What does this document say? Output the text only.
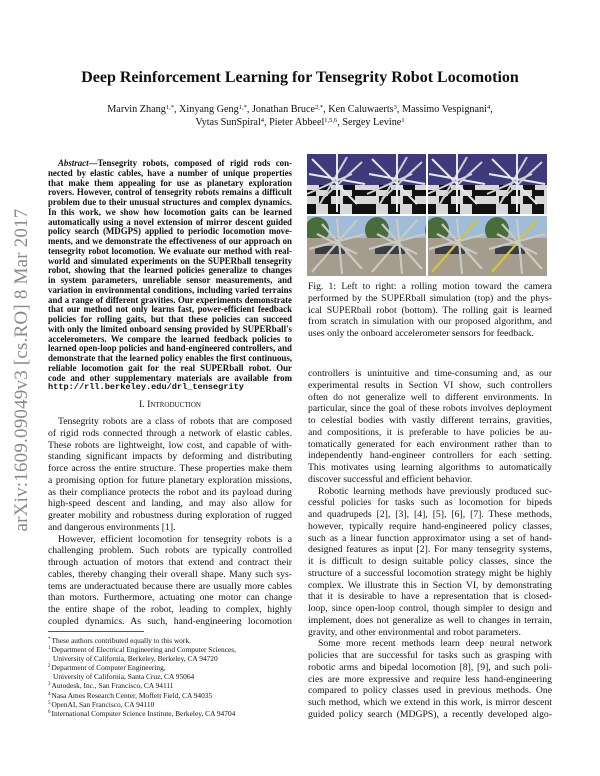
arXiv:1609.09049v3 [cs.RO] 8 Mar 2017
Deep Reinforcement Learning for Tensegrity Robot Locomotion
Marvin Zhang$^{1,*}$, Xinyang Geng$^{1,*}$, Jonathan Bruce$^{2,*}$, Ken Caluwaerts$^3$, Massimo Vespignani$^4$,
Vytas SunSpiral$^4$, Pieter Abbeel$^{1,5,6}$, Sergey Levine$^1$
Abstract—Tensegrity robots, composed of rigid rods con-
nected by elastic cables, have a number of unique properties
that make them appealing for use as planetary exploration
rovers. However, control of tensegrity robots remains a difficult
problem due to their unusual structures and complex dynamics.
In this work, we show how locomotion gaits can be learned
automatically using a novel extension of mirror descent guided
policy search (MDGPS) applied to periodic locomotion move-
ments, and we demonstrate the effectiveness of our approach on
tensegrity robot locomotion. We evaluate our method with real-
world and simulated experiments on the SUPERball tensegrity
robot, showing that the learned policies generalize to changes
in system parameters, unreliable sensor measurements, and
variation in environmental conditions, including varied terrains
and a range of different gravities. Our experiments demonstrate
that our method not only learns fast, power-efficient feedback
policies for rolling gaits, but that these policies can succeed
with only the limited onboard sensing provided by SUPERball's
accelerometers. We compare the learned feedback policies to
learned open-loop policies and hand-engineered controllers, and
demonstrate that the learned policy enables the first continuous,
reliable locomotion gait for the real SUPERball robot. Our
code and other supplementary materials are available from
http://rll.berkeley.edu/drl_tensegrity
I. Introduction
Tensegrity robots are a class of robots that are composed
of rigid rods connected through a network of elastic cables.
These robots are lightweight, low cost, and capable of with-
standing significant impacts by deforming and distributing
force across the entire structure. These properties make them
a promising option for future planetary exploration missions,
as their compliance protects the robot and its payload during
high-speed descent and landing, and may also allow for
greater mobility and robustness during exploration of rugged
and dangerous environments [1].
However, efficient locomotion for tensegrity robots is a
challenging problem. Such robots are typically controlled
through actuation of motors that extend and contract their
cables, thereby changing their overall shape. Many such sys-
tems are underactuated because there are usually more cables
than motors. Furthermore, actuating one motor can change
the entire shape of the robot, leading to complex, highly
coupled dynamics. As such, hand-engineering locomotion
*These authors contributed equally to this work.
$^1$Department of Electrical Engineering and Computer Sciences,
University of California, Berkeley, Berkeley, CA 94720
$^2$Department of Computer Engineering,
University of California, Santa Cruz, CA 95064
$^3$Autodesk, Inc., San Francisco, CA 94111
$^4$Nasa Ames Research Center, Moffett Field, CA 94035
$^5$OpenAI, San Francisco, CA 94110
$^6$International Computer Science Institute, Berkeley, CA 94704
Fig. 1: Left to right: a rolling motion toward the camera
performed by the SUPERball simulation (top) and the phys-
ical SUPERball robot (bottom). The rolling gait is learned
from scratch in simulation with our proposed algorithm, and
uses only the onboard accelerometer sensors for feedback.
controllers is unintuitive and time-consuming and, as our
experimental results in Section VI show, such controllers
often do not generalize well to different environments. In
particular, since the goal of these robots involves deployment
to celestial bodies with vastly different terrains, gravities,
and compositions, it is preferable to have policies be au-
tomatically generated for each environment rather than to
independently hand-engineer controllers for each setting.
This motivates using learning algorithms to automatically
discover successful and efficient behavior.
Robotic learning methods have previously produced suc-
cessful policies for tasks such as locomotion for bipeds
and quadrupeds [2], [3], [4], [5], [6], [7]. These methods,
however, typically require hand-engineered policy classes,
such as a linear function approximator using a set of hand-
designed features as input [2]. For many tensegrity systems,
it is difficult to design suitable policy classes, since the
structure of a successful locomotion strategy might be highly
complex. We illustrate this in Section VI, by demonstrating
that it is desirable to have a representation that is closed-
loop, since open-loop control, though simpler to design and
implement, does not generalize as well to changes in terrain,
gravity, and other environmental and robot parameters.
Some more recent methods learn deep neural network
policies that are successful for tasks such as grasping with
robotic arms and bipedal locomotion [8], [9], and such poli-
cies are more expressive and require less hand-engineering
compared to policy classes used in previous methods. One
such method, which we extend in this work, is mirror descent
guided policy search (MDGPS), a recently developed algo-
